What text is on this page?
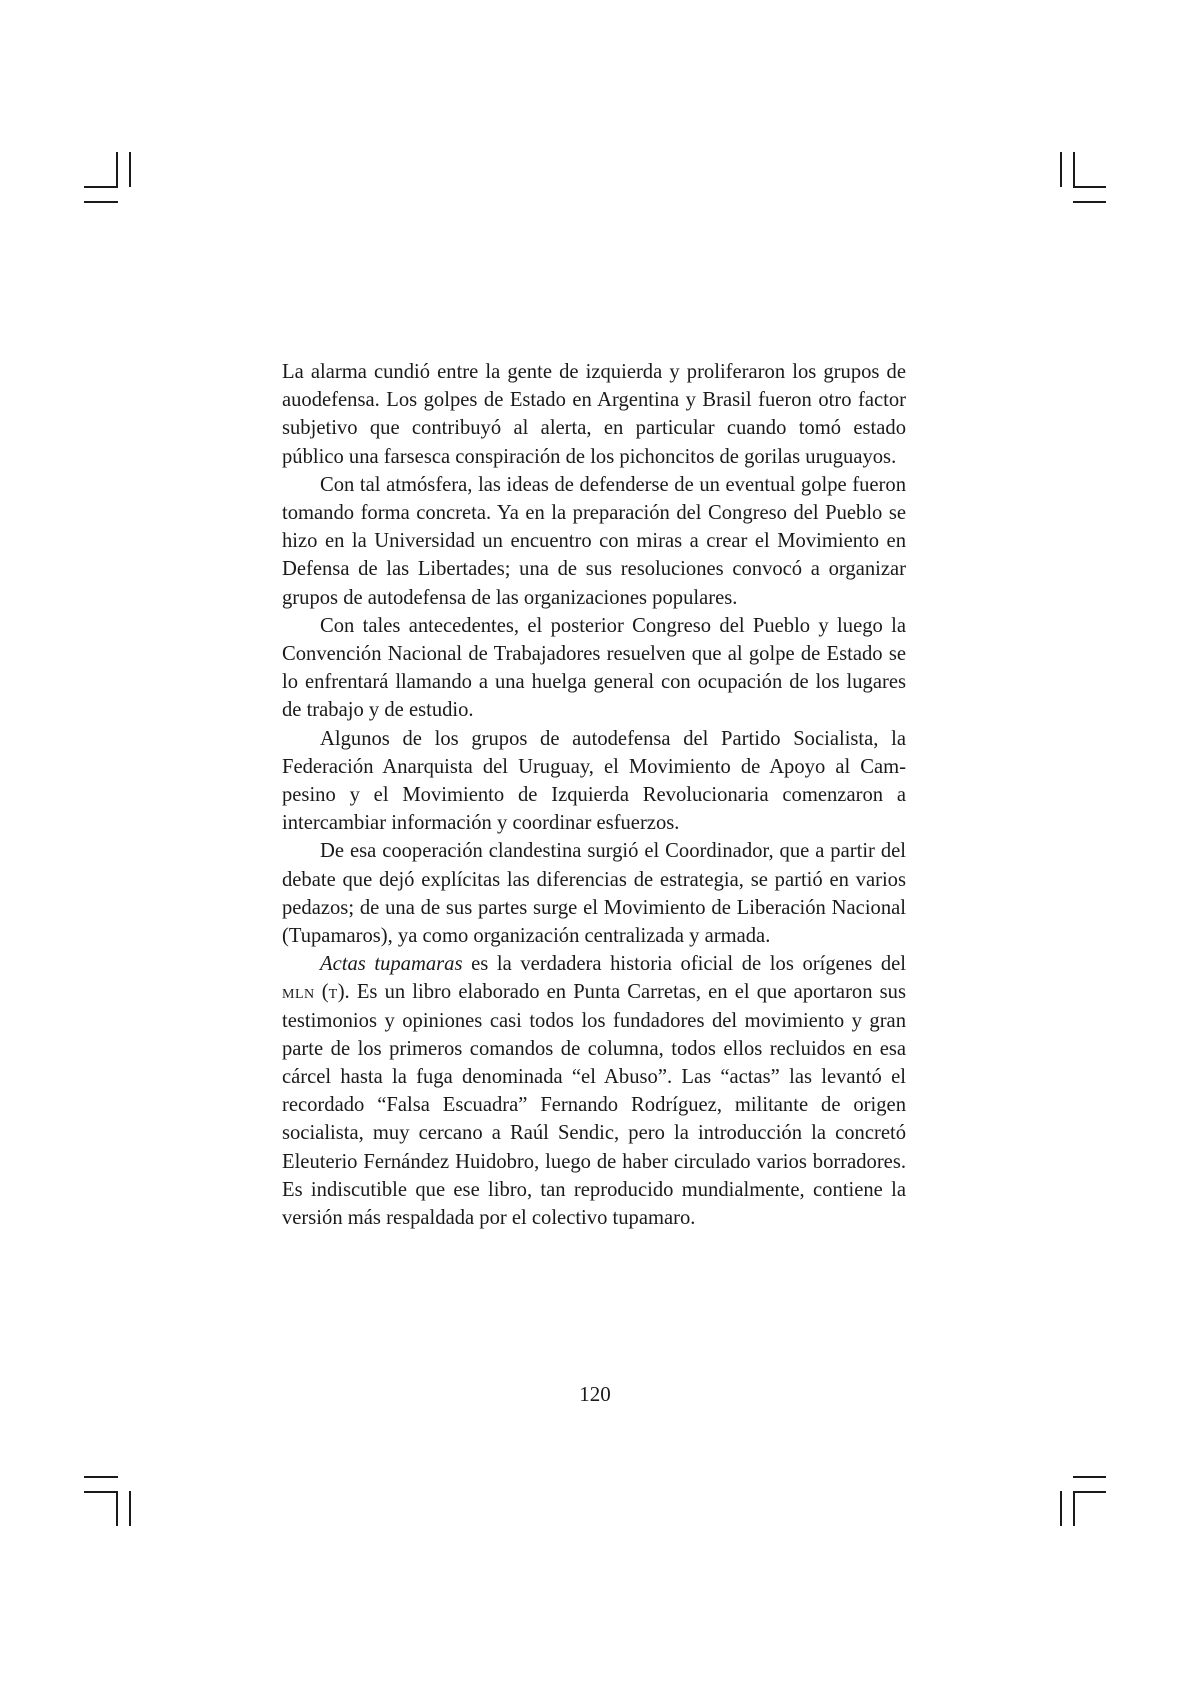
La alarma cundió entre la gente de izquierda y proliferaron los grupos de auodefensa. Los golpes de Estado en Argentina y Brasil fueron otro factor subjetivo que contribuyó al alerta, en particular cuando tomó estado público una farsesca conspiración de los pichoncitos de gorilas uruguayos.

Con tal atmósfera, las ideas de defenderse de un eventual golpe fueron tomando forma concreta. Ya en la preparación del Congreso del Pueblo se hizo en la Universidad un encuentro con miras a crear el Movimiento en Defensa de las Libertades; una de sus resoluciones convocó a organizar grupos de autodefensa de las organizaciones populares.

Con tales antecedentes, el posterior Congreso del Pueblo y luego la Convención Nacional de Trabajadores resuelven que al golpe de Estado se lo enfrentará llamando a una huelga general con ocupación de los lugares de trabajo y de estudio.

Algunos de los grupos de autodefensa del Partido Socialista, la Federación Anarquista del Uruguay, el Movimiento de Apoyo al Campesino y el Movimiento de Izquierda Revolucionaria comenzaron a intercambiar información y coordinar esfuerzos.

De esa cooperación clandestina surgió el Coordinador, que a partir del debate que dejó explícitas las diferencias de estrategia, se partió en varios pedazos; de una de sus partes surge el Movimiento de Liberación Nacional (Tupamaros), ya como organización centralizada y armada.

Actas tupamaras es la verdadera historia oficial de los orígenes del mln (t). Es un libro elaborado en Punta Carretas, en el que aportaron sus testimonios y opiniones casi todos los fundadores del movimiento y gran parte de los primeros comandos de columna, todos ellos recluidos en esa cárcel hasta la fuga denominada “el Abuso”. Las “actas” las levantó el recordado “Falsa Escuadra” Fernando Rodríguez, militante de origen socialista, muy cercano a Raúl Sendic, pero la introducción la concretó Eleuterio Fernández Huidobro, luego de haber circulado varios borradores. Es indiscutible que ese libro, tan reproducido mundialmente, contiene la versión más respaldada por el colectivo tupamaro.

120
